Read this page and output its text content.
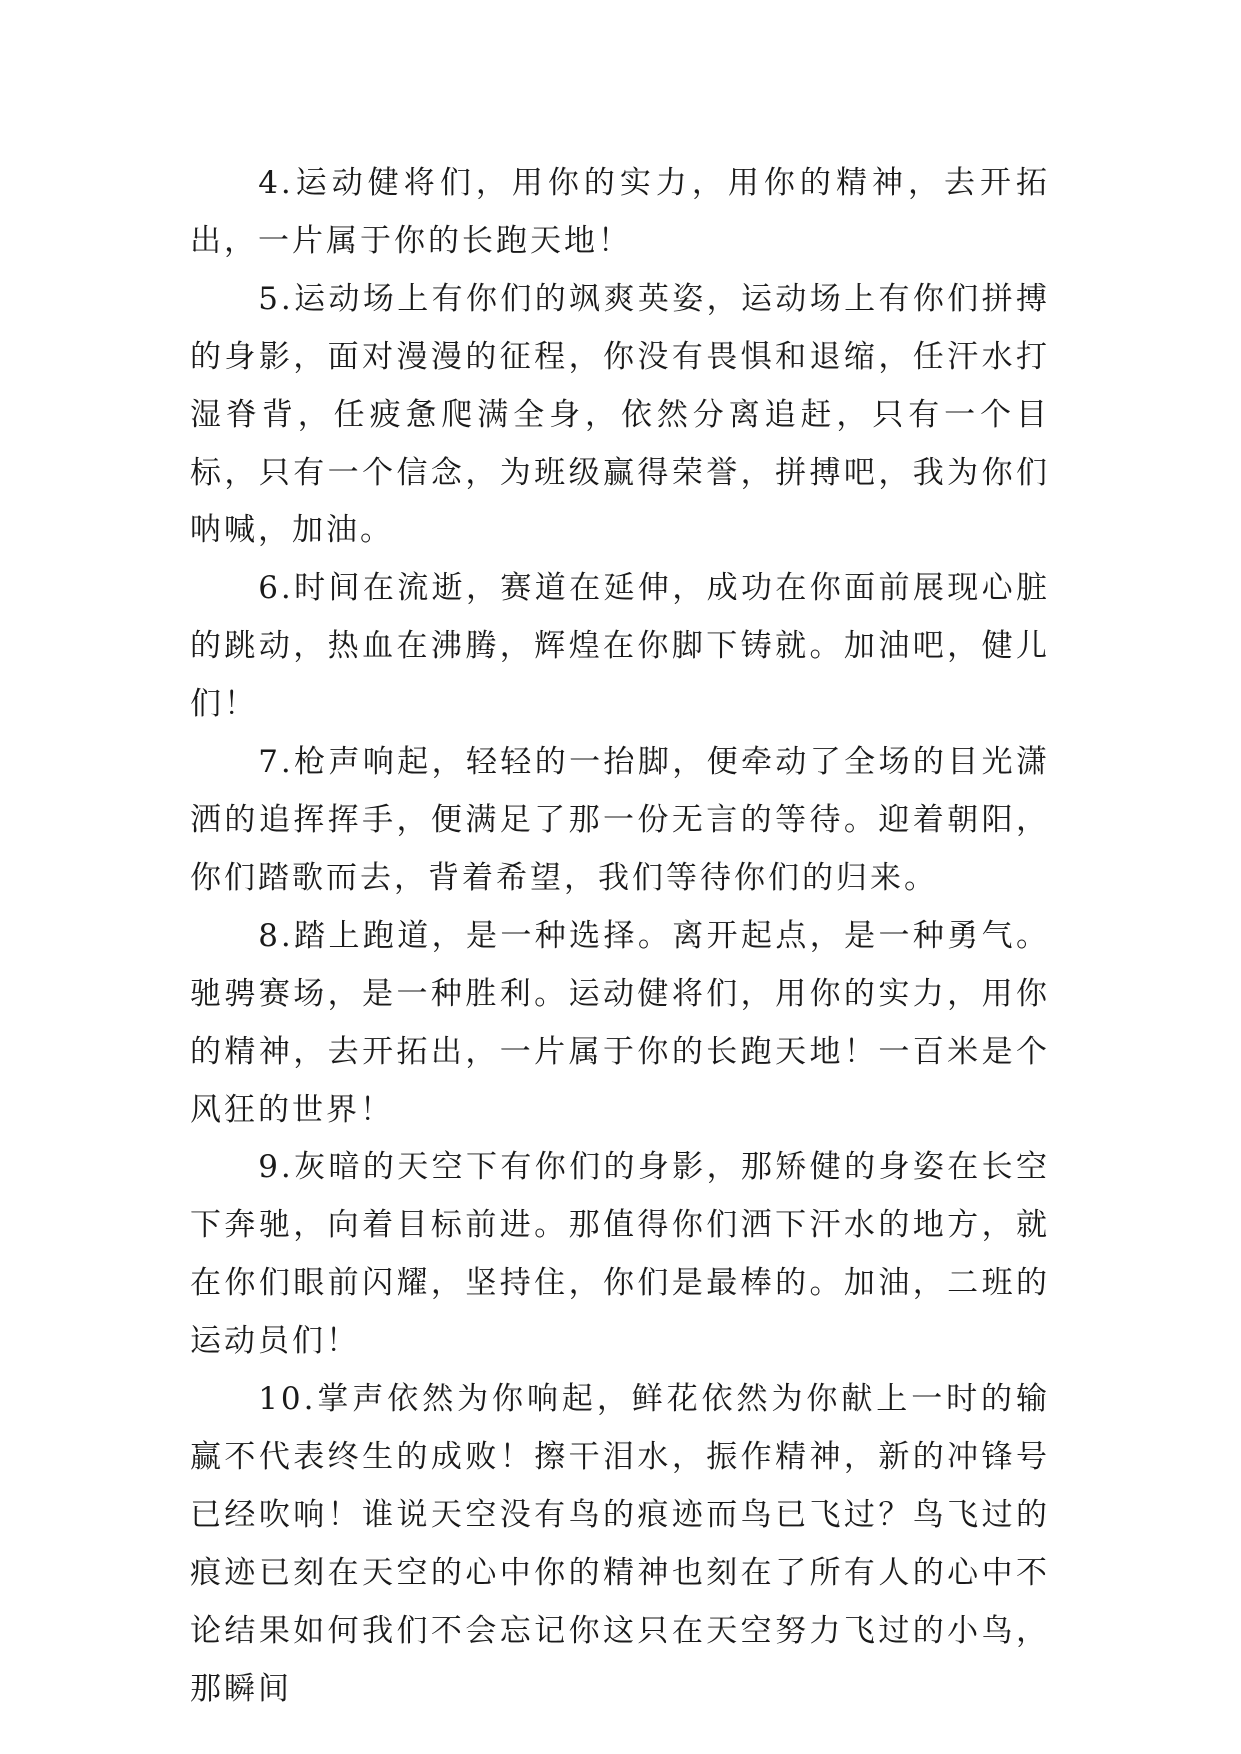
4.运动健将们，用你的实力，用你的精神，去开拓出，一片属于你的长跑天地！

5.运动场上有你们的飒爽英姿，运动场上有你们拼搏的身影，面对漫漫的征程，你没有畏惧和退缩，任汗水打湿脊背，任疲惫爬满全身，依然分离追赶，只有一个目标，只有一个信念，为班级赢得荣誉，拼搏吧，我为你们呐喊，加油。

6.时间在流逝，赛道在延伸，成功在你面前展现心脏的跳动，热血在沸腾，辉煌在你脚下铸就。加油吧，健儿们！

7.枪声响起，轻轻的一抬脚，便牵动了全场的目光潇洒的追挥挥手，便满足了那一份无言的等待。迎着朝阳，你们踏歌而去，背着希望，我们等待你们的归来。

8.踏上跑道，是一种选择。离开起点，是一种勇气。驰骋赛场，是一种胜利。运动健将们，用你的实力，用你的精神，去开拓出，一片属于你的长跑天地！一百米是个风狂的世界！

9.灰暗的天空下有你们的身影，那矫健的身姿在长空下奔驰，向着目标前进。那值得你们洒下汗水的地方，就在你们眼前闪耀，坚持住，你们是最棒的。加油，二班的运动员们！

10.掌声依然为你响起，鲜花依然为你献上一时的输赢不代表终生的成败！擦干泪水，振作精神，新的冲锋号已经吹响！谁说天空没有鸟的痕迹而鸟已飞过？鸟飞过的痕迹已刻在天空的心中你的精神也刻在了所有人的心中不论结果如何我们不会忘记你这只在天空努力飞过的小鸟，那瞬间
